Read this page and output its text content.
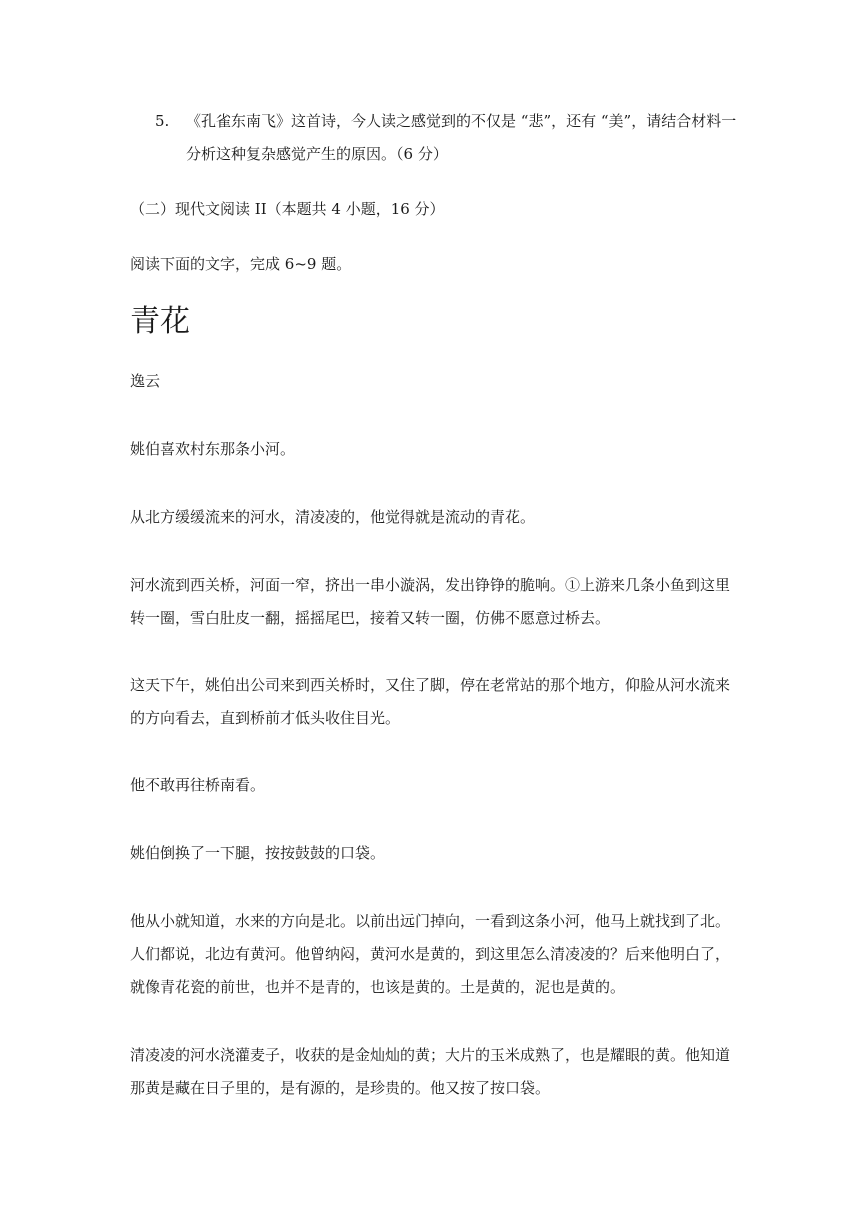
5. 《孔雀东南飞》这首诗，今人读之感觉到的不仅是 “悲”，还有 “美”，请结合材料一分析这种复杂感觉产生的原因。（6 分）

（二）现代文阅读 II（本题共 4 小题，16 分）

阅读下面的文字，完成 6~9 题。

青花

逸云

姚伯喜欢村东那条小河。

从北方缓缓流来的河水，清凌凌的，他觉得就是流动的青花。

河水流到西关桥，河面一窄，挤出一串小漩涡，发出铮铮的脆响。①上游来几条小鱼到这里转一圈，雪白肚皮一翻，摇摇尾巴，接着又转一圈，仿佛不愿意过桥去。

这天下午，姚伯出公司来到西关桥时，又住了脚，停在老常站的那个地方，仰脸从河水流来的方向看去，直到桥前才低头收住目光。

他不敢再往桥南看。

姚伯倒换了一下腿，按按鼓鼓的口袋。

他从小就知道，水来的方向是北。以前出远门掉向，一看到这条小河，他马上就找到了北。人们都说，北边有黄河。他曾纳闷，黄河水是黄的，到这里怎么清凌凌的？后来他明白了，就像青花瓷的前世，也并不是青的，也该是黄的。土是黄的，泥也是黄的。

清凌凌的河水浇灌麦子，收获的是金灿灿的黄；大片的玉米成熟了，也是耀眼的黄。他知道那黄是藏在日子里的，是有源的，是珍贵的。他又按了按口袋。
